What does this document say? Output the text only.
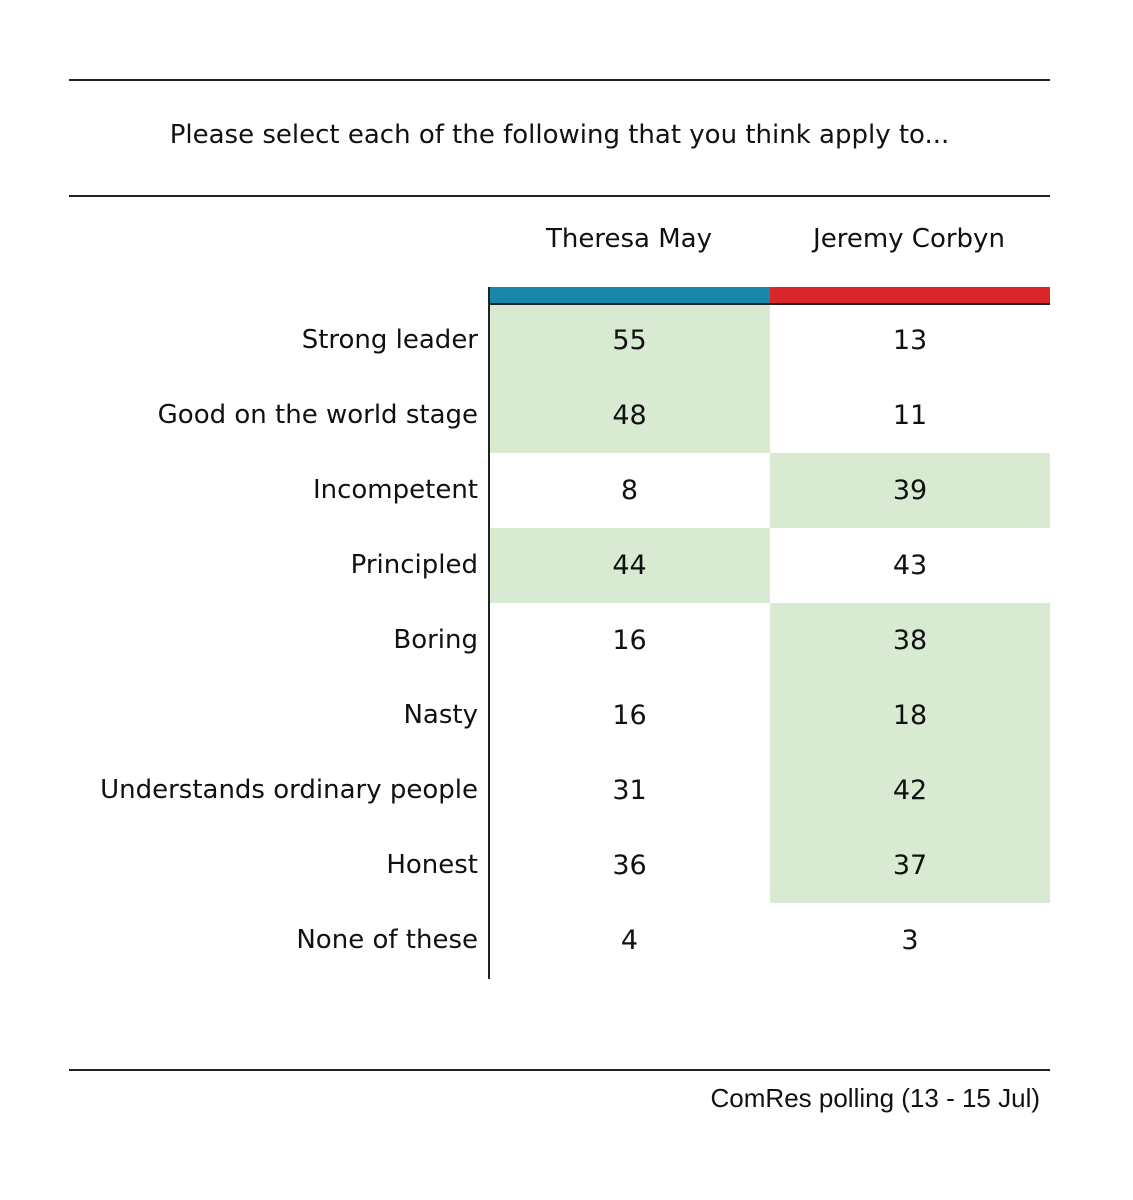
Please select each of the following that you think apply to...
Theresa May	Jeremy Corbyn
Strong leader	55	13
Good on the world stage	48	11
Incompetent	8	39
Principled	44	43
Boring	16	38
Nasty	16	18
Understands ordinary people	31	42
Honest	36	37
None of these	4	3
ComRes polling (13 - 15 Jul)
